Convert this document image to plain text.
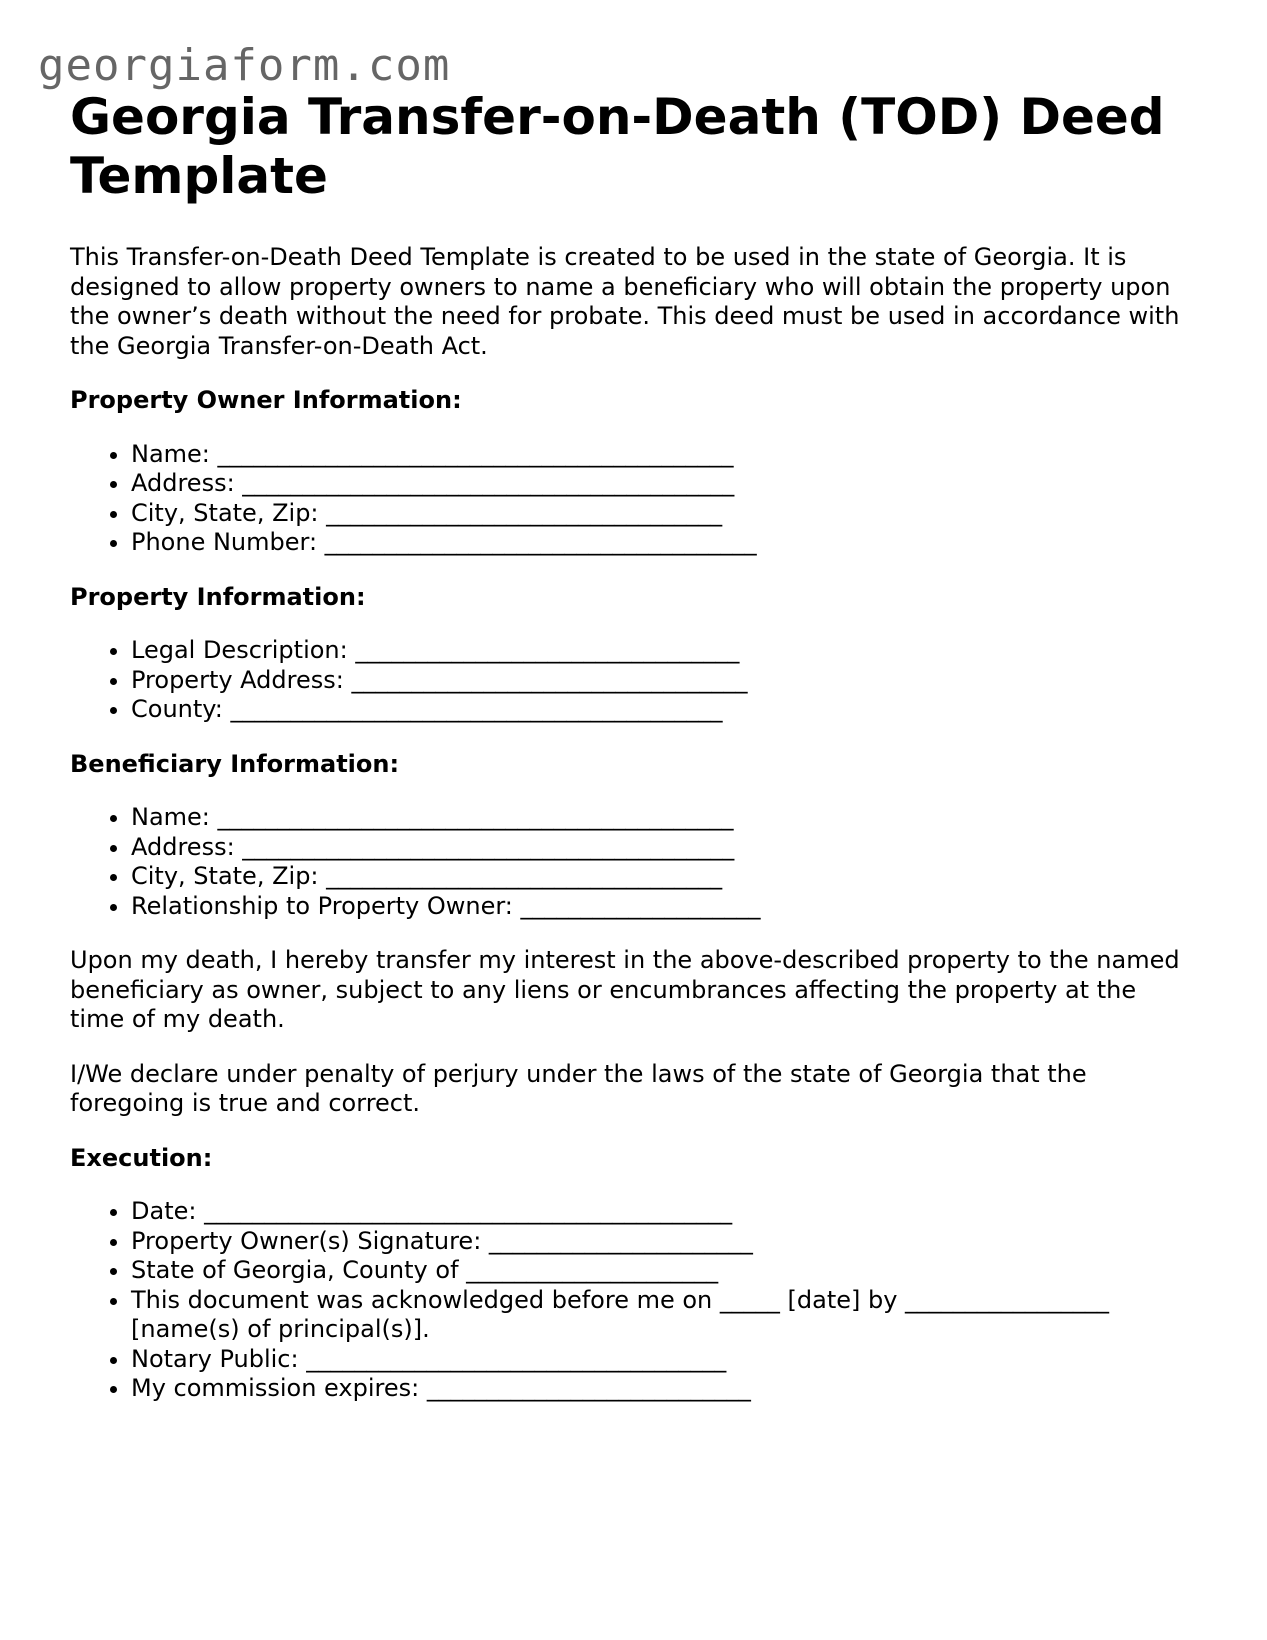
georgiaform.com
Georgia Transfer-on-Death (TOD) Deed Template

This Transfer-on-Death Deed Template is created to be used in the state of Georgia. It is designed to allow property owners to name a beneficiary who will obtain the property upon the owner’s death without the need for probate. This deed must be used in accordance with the Georgia Transfer-on-Death Act.

Property Owner Information:

• Name: ___________________________________________
• Address: _________________________________________
• City, State, Zip: _________________________________
• Phone Number: ____________________________________

Property Information:

• Legal Description: ________________________________
• Property Address: _________________________________
• County: _________________________________________

Beneficiary Information:

• Name: ___________________________________________
• Address: _________________________________________
• City, State, Zip: _________________________________
• Relationship to Property Owner: ____________________

Upon my death, I hereby transfer my interest in the above-described property to the named beneficiary as owner, subject to any liens or encumbrances affecting the property at the time of my death.

I/We declare under penalty of perjury under the laws of the state of Georgia that the foregoing is true and correct.

Execution:

• Date: ____________________________________________
• Property Owner(s) Signature: ______________________
• State of Georgia, County of _____________________
• This document was acknowledged before me on _____ [date] by _________________ [name(s) of principal(s)].
• Notary Public: ___________________________________
• My commission expires: ___________________________
